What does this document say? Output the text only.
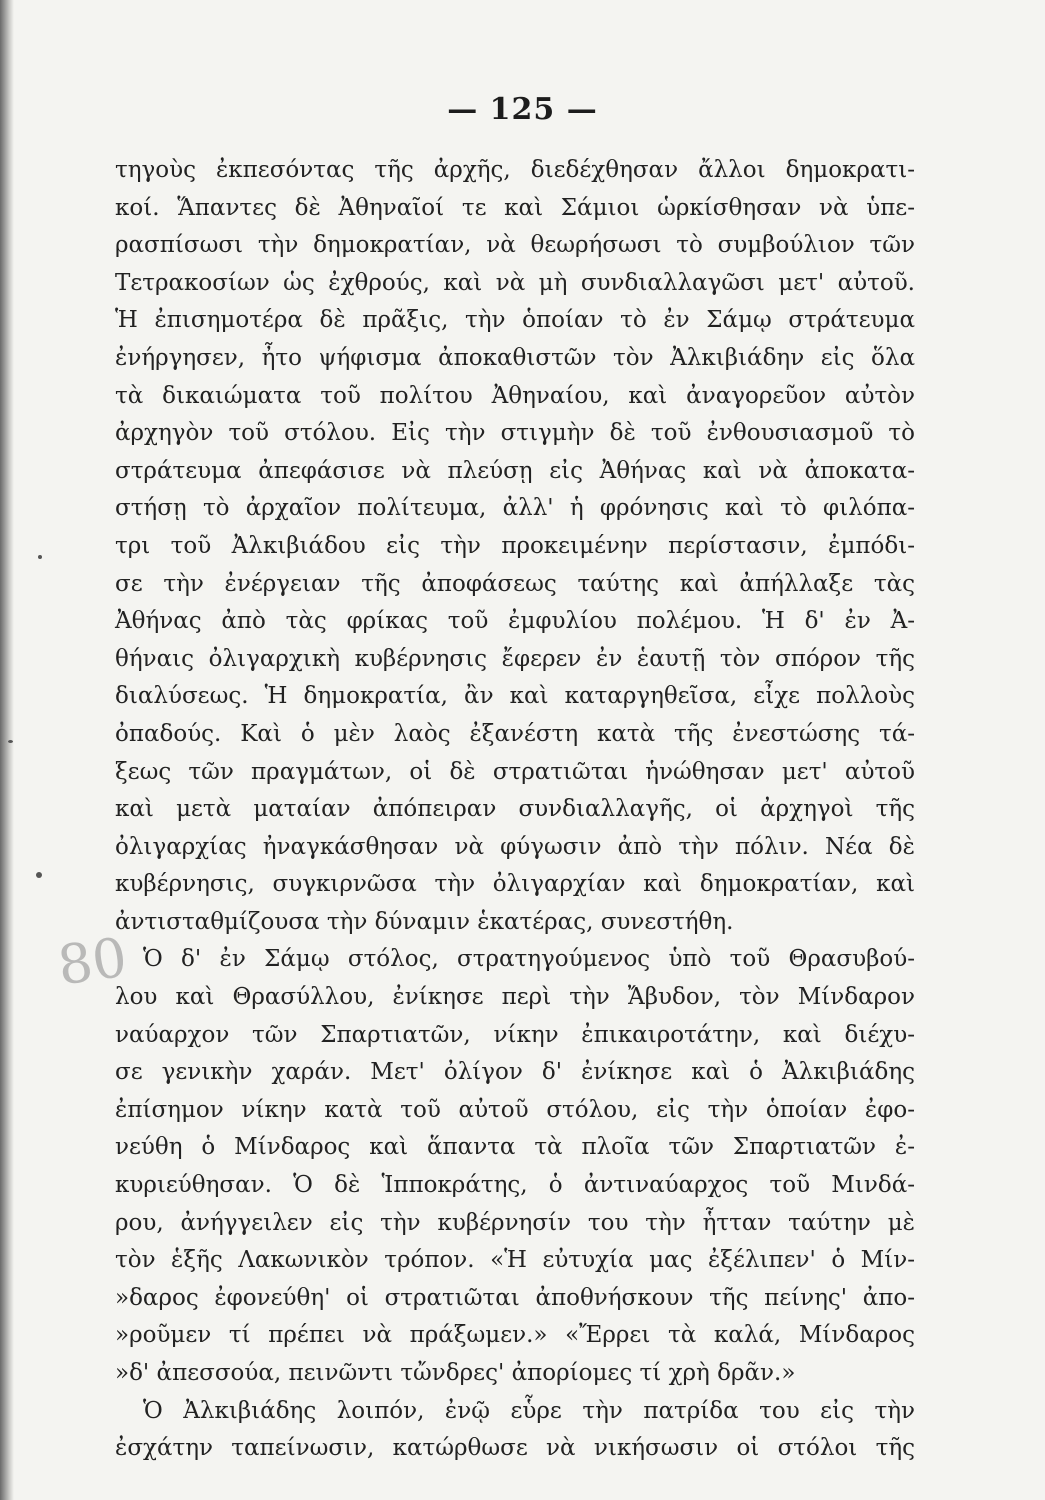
— 125 —
80
τηγοὺς ἐκπεσόντας τῆς ἀρχῆς, διεδέχθησαν ἄλλοι δημοκρατι-
κοί. Ἅπαντες δὲ Ἀθηναῖοί τε καὶ Σάμιοι ὡρκίσθησαν νὰ ὑπε-
ρασπίσωσι τὴν δημοκρατίαν, νὰ θεωρήσωσι τὸ συμβούλιον τῶν
Τετρακοσίων ὡς ἐχθρούς, καὶ νὰ μὴ συνδιαλλαγῶσι μετ' αὐτοῦ.
Ἡ ἐπισημοτέρα δὲ πρᾶξις, τὴν ὁποίαν τὸ ἐν Σάμῳ στράτευμα
ἐνήργησεν, ἦτο ψήφισμα ἀποκαθιστῶν τὸν Ἀλκιβιάδην εἰς ὅλα
τὰ δικαιώματα τοῦ πολίτου Ἀθηναίου, καὶ ἀναγορεῦον αὐτὸν
ἀρχηγὸν τοῦ στόλου. Εἰς τὴν στιγμὴν δὲ τοῦ ἐνθουσιασμοῦ τὸ
στράτευμα ἀπεφάσισε νὰ πλεύσῃ εἰς Ἀθήνας καὶ νὰ ἀποκατα-
στήσῃ τὸ ἀρχαῖον πολίτευμα, ἀλλ' ἡ φρόνησις καὶ τὸ φιλόπα-
τρι τοῦ Ἀλκιβιάδου εἰς τὴν προκειμένην περίστασιν, ἐμπόδι-
σε τὴν ἐνέργειαν τῆς ἀποφάσεως ταύτης καὶ ἀπήλλαξε τὰς
Ἀθήνας ἀπὸ τὰς φρίκας τοῦ ἐμφυλίου πολέμου. Ἡ δ' ἐν Ἀ-
θήναις ὀλιγαρχικὴ κυβέρνησις ἔφερεν ἐν ἑαυτῇ τὸν σπόρον τῆς
διαλύσεως. Ἡ δημοκρατία, ἂν καὶ καταργηθεῖσα, εἶχε πολλοὺς
ὀπαδούς. Καὶ ὁ μὲν λαὸς ἐξανέστη κατὰ τῆς ἐνεστώσης τά-
ξεως τῶν πραγμάτων, οἱ δὲ στρατιῶται ἡνώθησαν μετ' αὐτοῦ
καὶ μετὰ ματαίαν ἀπόπειραν συνδιαλλαγῆς, οἱ ἀρχηγοὶ τῆς
ὀλιγαρχίας ἠναγκάσθησαν νὰ φύγωσιν ἀπὸ τὴν πόλιν. Νέα δὲ
κυβέρνησις, συγκιρνῶσα τὴν ὀλιγαρχίαν καὶ δημοκρατίαν, καὶ
ἀντισταθμίζουσα τὴν δύναμιν ἑκατέρας, συνεστήθη.
Ὁ δ' ἐν Σάμῳ στόλος, στρατηγούμενος ὑπὸ τοῦ Θρασυβού-
λου καὶ Θρασύλλου, ἐνίκησε περὶ τὴν Ἄβυδον, τὸν Μίνδαρον
ναύαρχον τῶν Σπαρτιατῶν, νίκην ἐπικαιροτάτην, καὶ διέχυ-
σε γενικὴν χαράν. Μετ' ὀλίγον δ' ἐνίκησε καὶ ὁ Ἀλκιβιάδης
ἐπίσημον νίκην κατὰ τοῦ αὐτοῦ στόλου, εἰς τὴν ὁποίαν ἐφο-
νεύθη ὁ Μίνδαρος καὶ ἅπαντα τὰ πλοῖα τῶν Σπαρτιατῶν ἐ-
κυριεύθησαν. Ὁ δὲ Ἱπποκράτης, ὁ ἀντιναύαρχος τοῦ Μινδά-
ρου, ἀνήγγειλεν εἰς τὴν κυβέρνησίν του τὴν ἧτταν ταύτην μὲ
τὸν ἑξῆς Λακωνικὸν τρόπον. «Ἡ εὐτυχία μας ἐξέλιπεν' ὁ Μίν-
»δαρος ἐφονεύθη' οἱ στρατιῶται ἀποθνήσκουν τῆς πείνης' ἀπο-
»ροῦμεν τί πρέπει νὰ πράξωμεν.» «Ἔρρει τὰ καλά, Μίνδαρος
»δ' ἀπεσσούα, πεινῶντι τὤνδρες' ἀπορίομες τί χρὴ δρᾶν.»
Ὁ Ἀλκιβιάδης λοιπόν, ἐνῷ εὗρε τὴν πατρίδα του εἰς τὴν
ἐσχάτην ταπείνωσιν, κατώρθωσε νὰ νικήσωσιν οἱ στόλοι τῆς
